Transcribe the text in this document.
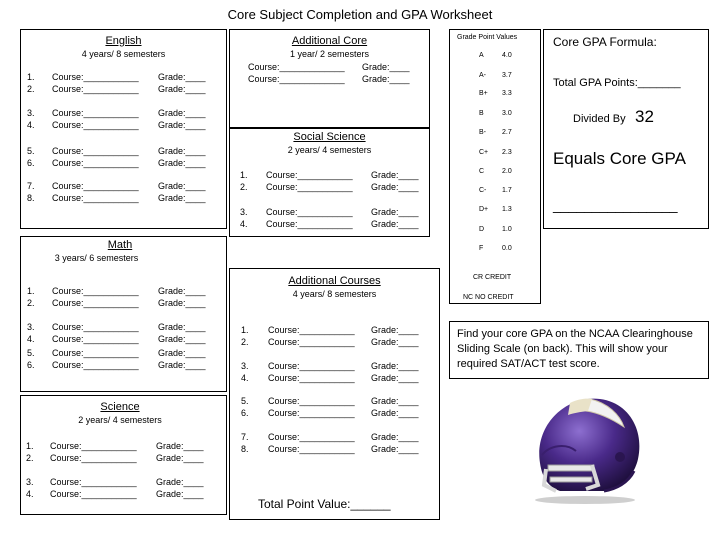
Core Subject Completion and GPA Worksheet
English
4 years/ 8 semesters
1. Course:___________ Grade:____
2. Course:___________ Grade:____
3. Course:___________ Grade:____
4. Course:___________ Grade:____
5. Course:___________ Grade:____
6. Course:___________ Grade:____
7. Course:___________ Grade:____
8. Course:___________ Grade:____
Additional Core
1 year/ 2 semesters
Course:_____________ Grade:____
Course:_____________ Grade:____
Social Science
2 years/ 4 semesters
1. Course:___________ Grade:____
2. Course:___________ Grade:____
3. Course:___________ Grade:____
4. Course:___________ Grade:____
Math
3 years/ 6 semesters
1. Course:___________ Grade:____
2. Course:___________ Grade:____
3. Course:___________ Grade:____
4. Course:___________ Grade:____
5. Course:___________ Grade:____
6. Course:___________ Grade:____
Science
2 years/ 4 semesters
1. Course:___________ Grade:____
2. Course:___________ Grade:____
3. Course:___________ Grade:____
4. Course:___________ Grade:____
Additional Courses
4 years/ 8 semesters
1. Course:___________ Grade:____
2. Course:___________ Grade:____
3. Course:___________ Grade:____
4. Course:___________ Grade:____
5. Course:___________ Grade:____
6. Course:___________ Grade:____
7. Course:___________ Grade:____
8. Course:___________ Grade:____
Total Point Value:______
Grade Point Values
A	4.0
A- 3.7
B+ 3.3
B	3.0
B- 2.7
C+ 2.3
C	2.0
C- 1.7
D+ 1.3
D	1.0
F	0.0
CR CREDIT
NC NO CREDIT
Core GPA Formula:
Total GPA Points:_______
Divided By 32
Equals Core GPA
________________
Find your core GPA on the NCAA Clearinghouse Sliding Scale (on back). This will show your required SAT/ACT test score.
